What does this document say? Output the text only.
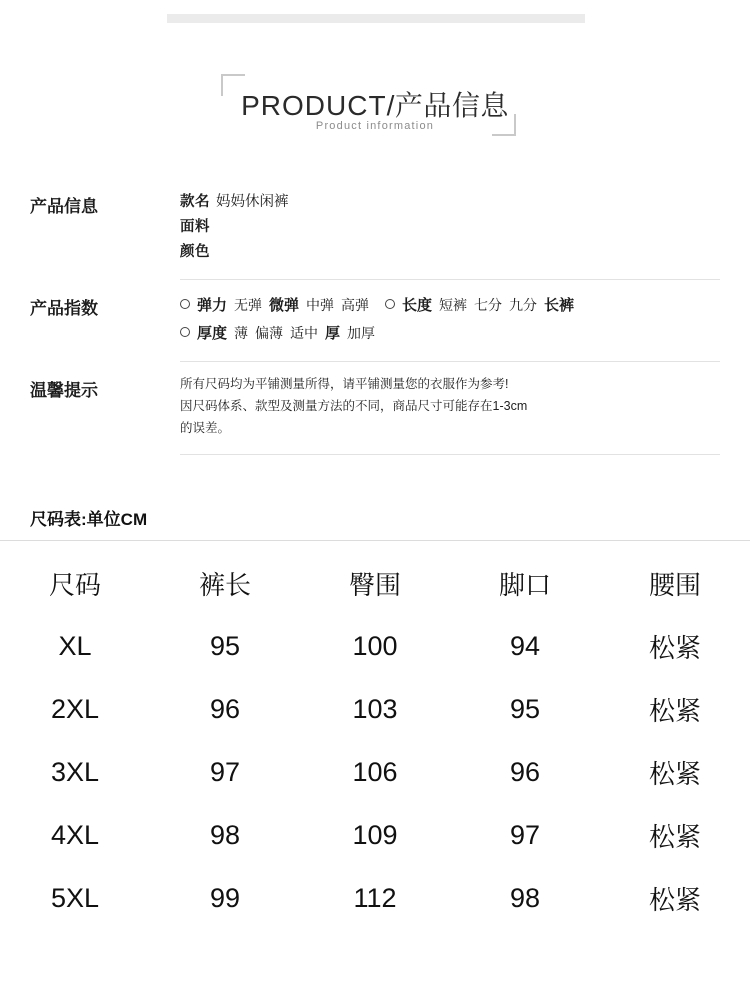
PRODUCT/产品信息
Product information
产品信息	款名 妈妈休闲裤
面料
颜色
产品指数	弹力 无弹 微弹 中弹 高弹 长度 短裤 七分 九分 长裤
厚度 薄 偏薄 适中 厚 加厚
温馨提示	所有尺码均为平铺测量所得，请平铺测量您的衣服作为参考!
因尺码体系、款型及测量方法的不同，商品尺寸可能存在1-3cm
的误差。
尺码表:单位CM
尺码	裤长	臀围	脚口	腰围
XL	95	100	94	松紧
2XL	96	103	95	松紧
3XL	97	106	96	松紧
4XL	98	109	97	松紧
5XL	99	112	98	松紧
